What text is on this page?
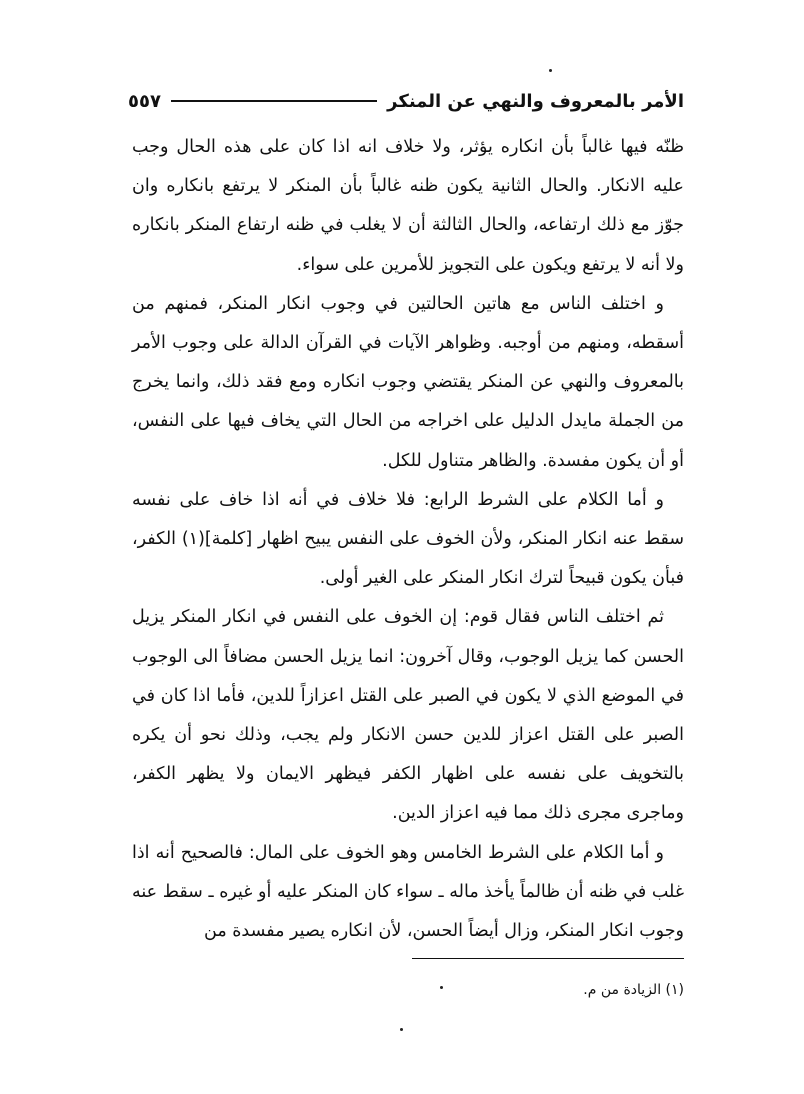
الأمر بالمعروف والنهي عن المنكر
٥٥٧

ظنّه فيها غالباً بأن انكاره يؤثر، ولا خلاف انه اذا كان على هذه الحال وجب عليه الانكار. والحال الثانية يكون ظنه غالباً بأن المنكر لا يرتفع بانكاره وان جوّز مع ذلك ارتفاعه، والحال الثالثة أن لا يغلب في ظنه ارتفاع المنكر بانكاره ولا أنه لا يرتفع ويكون على التجويز للأمرين على سواء.

و اختلف الناس مع هاتين الحالتين في وجوب انكار المنكر، فمنهم من أسقطه، ومنهم من أوجبه. وظواهر الآيات في القرآن الدالة على وجوب الأمر بالمعروف والنهي عن المنكر يقتضي وجوب انكاره ومع فقد ذلك، وانما يخرج من الجملة مايدل الدليل على اخراجه من الحال التي يخاف فيها على النفس، أو أن يكون مفسدة. والظاهر متناول للكل.

و أما الكلام على الشرط الرابع: فلا خلاف في أنه اذا خاف على نفسه سقط عنه انكار المنكر، ولأن الخوف على النفس يبيح اظهار [كلمة](١) الكفر، فبأن يكون قبيحاً لترك انكار المنكر على الغير أولى.

ثم اختلف الناس فقال قوم: إن الخوف على النفس في انكار المنكر يزيل الحسن كما يزيل الوجوب، وقال آخرون: انما يزيل الحسن مضافاً الى الوجوب في الموضع الذي لا يكون في الصبر على القتل اعزازاً للدين، فأما اذا كان في الصبر على القتل اعزاز للدين حسن الانكار ولم يجب، وذلك نحو أن يكره بالتخويف على نفسه على اظهار الكفر فيظهر الايمان ولا يظهر الكفر، وماجرى مجرى ذلك مما فيه اعزاز الدين.

و أما الكلام على الشرط الخامس وهو الخوف على المال: فالصحيح أنه اذا غلب في ظنه أن ظالماً يأخذ ماله ـ سواء كان المنكر عليه أو غيره ـ سقط عنه وجوب انكار المنكر، وزال أيضاً الحسن، لأن انكاره يصير مفسدة من

(١) الزيادة من م.
